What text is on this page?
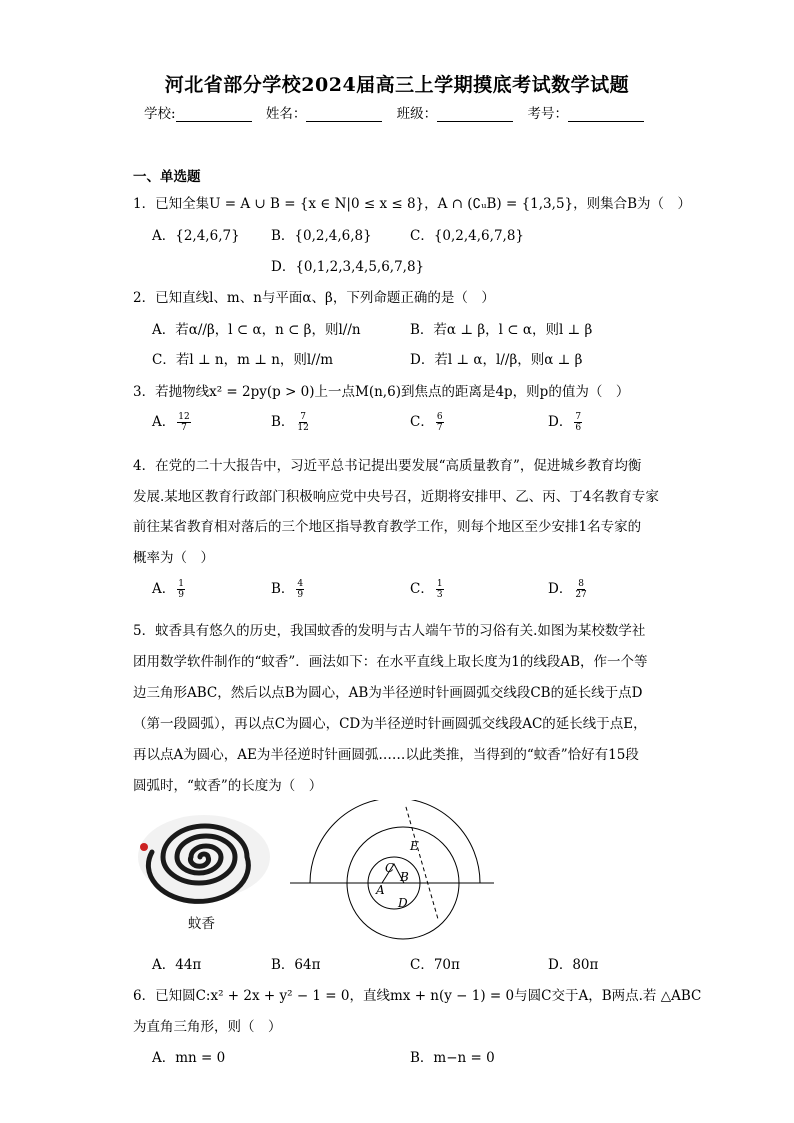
河北省部分学校2024届高三上学期摸底考试数学试题
学校:	姓名：	班级：	考号：
一、单选题
1．已知全集U = A ∪ B = {x ∈ N|0 ≤ x ≤ 8}，A ∩ (∁ᵤB) = {1,3,5}，则集合B为（　）
A．{2,4,6,7} B．{0,2,4,6,8}	C．{0,2,4,6,7,8}
D．{0,1,2,3,4,5,6,7,8}
2．已知直线l、m、n与平面α、β，下列命题正确的是（　）
A．若α//β，l ⊂ α，n ⊂ β，则l//n	B．若α ⊥ β，l ⊂ α，则l ⊥ β
C．若l ⊥ n，m ⊥ n，则l//m	D．若l ⊥ α，l//β，则α ⊥ β
3．若抛物线x² = 2py(p > 0)上一点M(n,6)到焦点的距离是4p，则p的值为（　）
A． $\frac{12}{7}$	B． $\frac{7}{12}$	C． $\frac{6}{7}$	D． $\frac{7}{6}$
4．在党的二十大报告中，习近平总书记提出要发展“高质量教育”，促进城乡教育均衡
发展.某地区教育行政部门积极响应党中央号召，近期将安排甲、乙、丙、丁4名教育专家
前往某省教育相对落后的三个地区指导教育教学工作，则每个地区至少安排1名专家的
概率为（　）
A． $\frac{1}{9}$	B． $\frac{4}{9}$	C． $\frac{1}{3}$	D． $\frac{8}{27}$
5．蚊香具有悠久的历史，我国蚊香的发明与古人端午节的习俗有关.如图为某校数学社
团用数学软件制作的“蚊香”．画法如下：在水平直线上取长度为1的线段AB，作一个等
边三角形ABC，然后以点B为圆心，AB为半径逆时针画圆弧交线段CB的延长线于点D
（第一段圆弧），再以点C为圆心，CD为半径逆时针画圆弧交线段AC的延长线于点E，
再以点A为圆心，AE为半径逆时针画圆弧……以此类推，当得到的“蚊香”恰好有15段
圆弧时，“蚊香”的长度为（　）
蚊香
C
B
A
D
E
A．44π	B．64π	C．70π	D．80π
6．已知圆C:x² + 2x + y² − 1 = 0，直线mx + n(y − 1) = 0与圆C交于A，B两点.若 △ABC
为直角三角形，则（　）
A．mn = 0	B．m−n = 0
